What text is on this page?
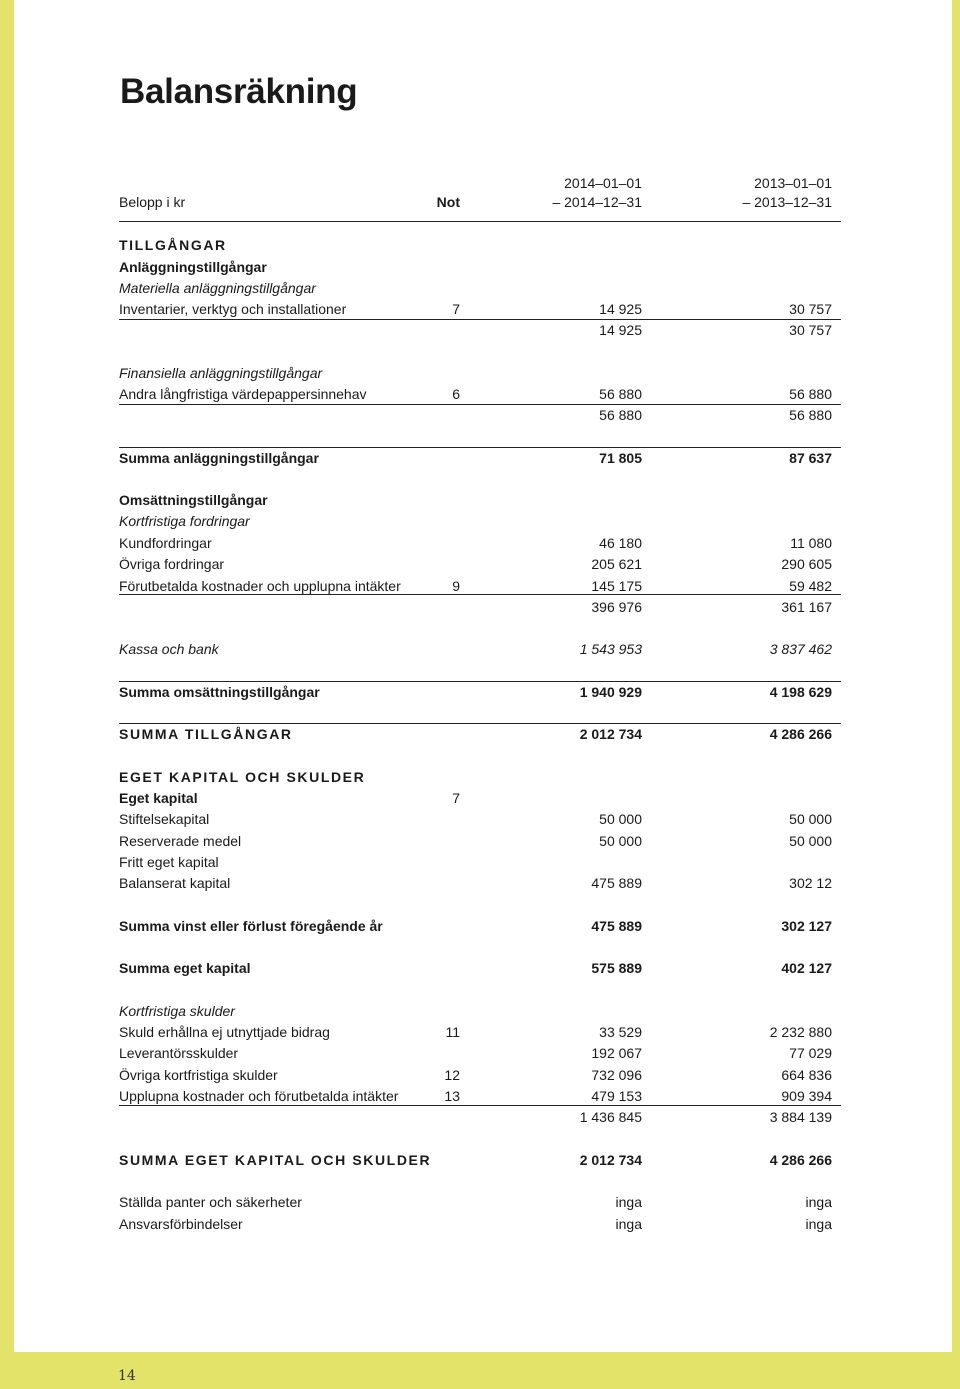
Balansräkning
Belopp i kr	Not
2014–01–01	2013–01–01
– 2014–12–31	– 2013–12–31
TILLGÅNGAR
Anläggningstillgångar
Materiella anläggningstillgångar
Inventarier, verktyg och installationer	7	14 925	30 757
14 925	30 757
Finansiella anläggningstillgångar
Andra långfristiga värdepappersinnehav	6	56 880	56 880
56 880	56 880
Summa anläggningstillgångar	71 805	87 637
Omsättningstillgångar
Kortfristiga fordringar
Kundfordringar	46 180	11 080
Övriga fordringar	205 621	290 605
Förutbetalda kostnader och upplupna intäkter	9	145 175	59 482
396 976	361 167
Kassa och bank	1 543 953	3 837 462
Summa omsättningstillgångar	1 940 929	4 198 629
SUMMA TILLGÅNGAR	2 012 734	4 286 266
EGET KAPITAL OCH SKULDER
Eget kapital	7
Stiftelsekapital	50 000	50 000
Reserverade medel	50 000	50 000
Fritt eget kapital
Balanserat kapital	475 889	302 12
Summa vinst eller förlust föregående år	475 889	302 127
Summa eget kapital	575 889	402 127
Kortfristiga skulder
Skuld erhållna ej utnyttjade bidrag	11	33 529	2 232 880
Leverantörsskulder	192 067	77 029
Övriga kortfristiga skulder	12	732 096	664 836
Upplupna kostnader och förutbetalda intäkter	13	479 153	909 394
1 436 845	3 884 139
SUMMA EGET KAPITAL OCH SKULDER	2 012 734	4 286 266
Ställda panter och säkerheter	inga	inga
Ansvarsförbindelser	inga	inga
14
